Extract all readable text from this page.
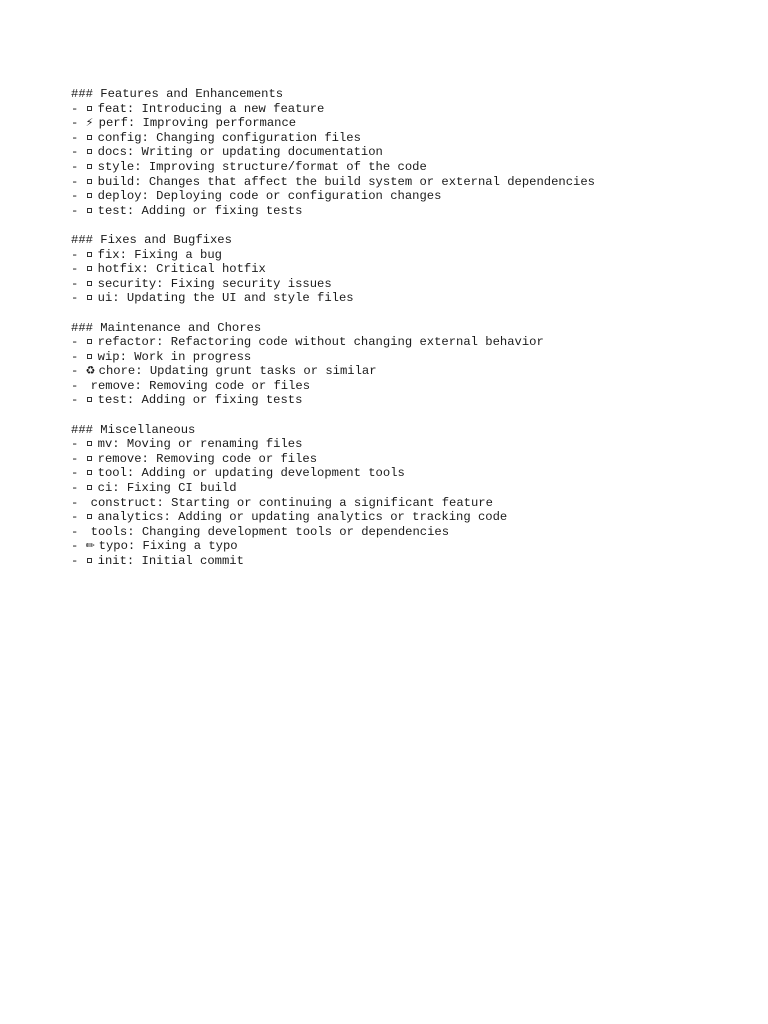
### Features and Enhancements
- feat: Introducing a new feature
- ⚡ perf: Improving performance
- config: Changing configuration files
- docs: Writing or updating documentation
- style: Improving structure/format of the code
- build: Changes that affect the build system or external dependencies
- deploy: Deploying code or configuration changes
- test: Adding or fixing tests
### Fixes and Bugfixes
- fix: Fixing a bug
- hotfix: Critical hotfix
- security: Fixing security issues
- ui: Updating the UI and style files
### Maintenance and Chores
- refactor: Refactoring code without changing external behavior
- wip: Work in progress
- ♻ chore: Updating grunt tasks or similar
- remove: Removing code or files
- test: Adding or fixing tests
### Miscellaneous
- mv: Moving or renaming files
- remove: Removing code or files
- tool: Adding or updating development tools
- ci: Fixing CI build
- construct: Starting or continuing a significant feature
- analytics: Adding or updating analytics or tracking code
- tools: Changing development tools or dependencies
- ✏ typo: Fixing a typo
- init: Initial commit
